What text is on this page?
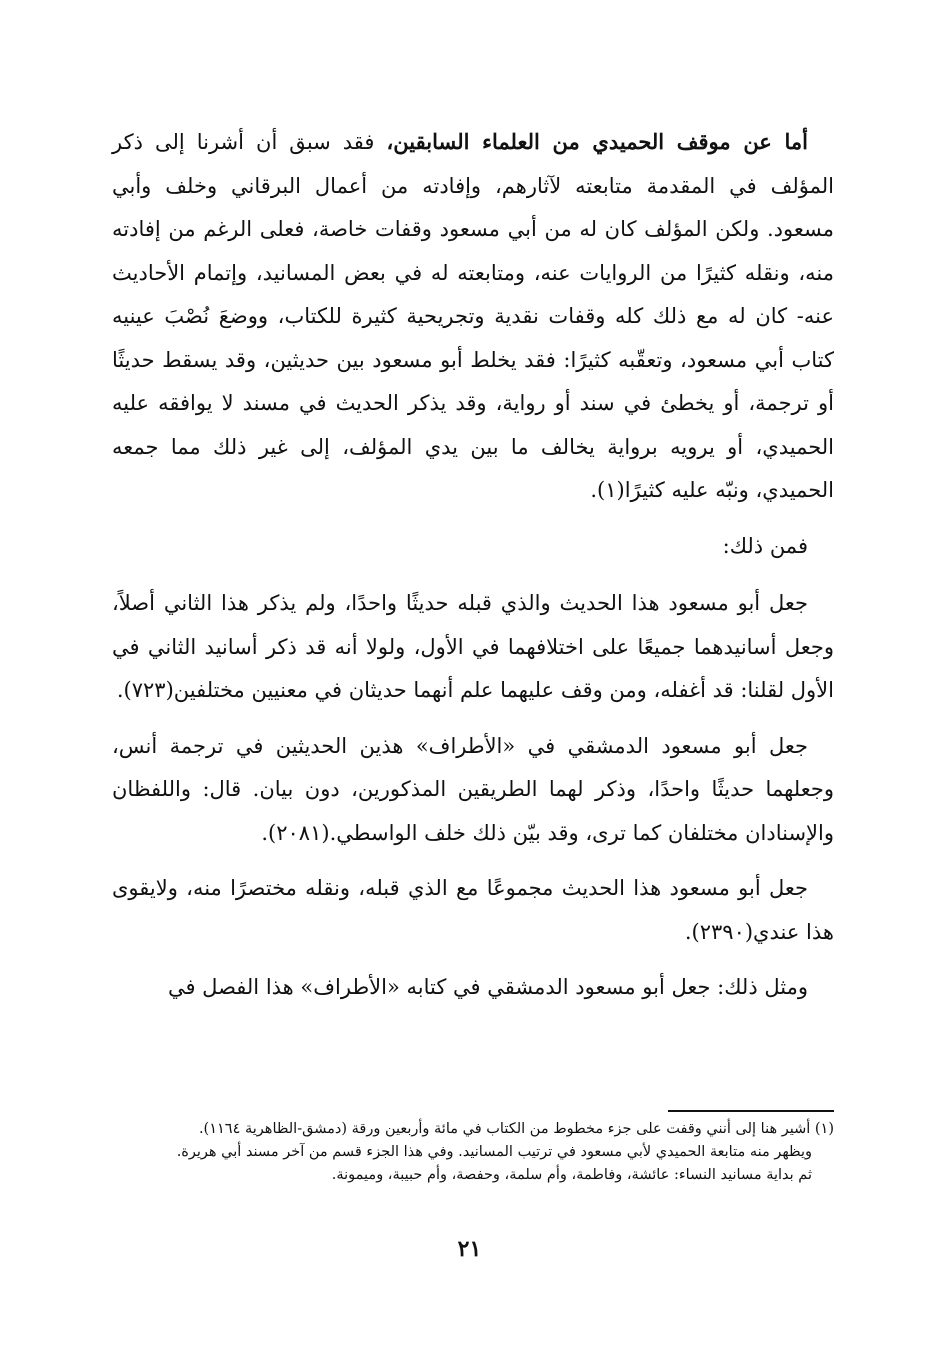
أما عن موقف الحميدي من العلماء السابقين، فقد سبق أن أشرنا إلى ذكر المؤلف في المقدمة متابعته لآثارهم، وإفادته من أعمال البرقاني وخلف وأبي مسعود. ولكن المؤلف كان له من أبي مسعود وقفات خاصة، فعلى الرغم من إفادته منه، ونقله كثيرًا من الروايات عنه، ومتابعته له في بعض المسانيد، وإتمام الأحاديث عنه- كان له مع ذلك كله وقفات نقدية وتجريحية كثيرة للكتاب، ووضعَ نُصْبَ عينيه كتاب أبي مسعود، وتعقّبه كثيرًا: فقد يخلط أبو مسعود بين حديثين، وقد يسقط حديثًا أو ترجمة، أو يخطئ في سند أو رواية، وقد يذكر الحديث في مسند لا يوافقه عليه الحميدي، أو يرويه برواية يخالف ما بين يدي المؤلف، إلى غير ذلك مما جمعه الحميدي، ونبّه عليه كثيرًا(١).

فمن ذلك:

جعل أبو مسعود هذا الحديث والذي قبله حديثًا واحدًا، ولم يذكر هذا الثاني أصلاً، وجعل أسانيدهما جميعًا على اختلافهما في الأول، ولولا أنه قد ذكر أسانيد الثاني في الأول لقلنا: قد أغفله، ومن وقف عليهما علم أنهما حديثان في معنيين مختلفين(٧٢٣).

جعل أبو مسعود الدمشقي في «الأطراف» هذين الحديثين في ترجمة أنس، وجعلهما حديثًا واحدًا، وذكر لهما الطريقين المذكورين، دون بيان. قال: واللفظان والإسنادان مختلفان كما ترى، وقد بيّن ذلك خلف الواسطي.(٢٠٨١).

جعل أبو مسعود هذا الحديث مجموعًا مع الذي قبله، ونقله مختصرًا منه، ولايقوى هذا عندي(٢٣٩٠).

ومثل ذلك: جعل أبو مسعود الدمشقي في كتابه «الأطراف» هذا الفصل في

(١) أشير هنا إلى أنني وقفت على جزء مخطوط من الكتاب في مائة وأربعين ورقة (دمشق-الظاهرية ١١٦٤).

ويظهر منه متابعة الحميدي لأبي مسعود في ترتيب المسانيد. وفي هذا الجزء قسم من آخر مسند أبي هريرة.

ثم بداية مسانيد النساء: عائشة، وفاطمة، وأم سلمة، وحفصة، وأم حبيبة، وميمونة.

٢١
